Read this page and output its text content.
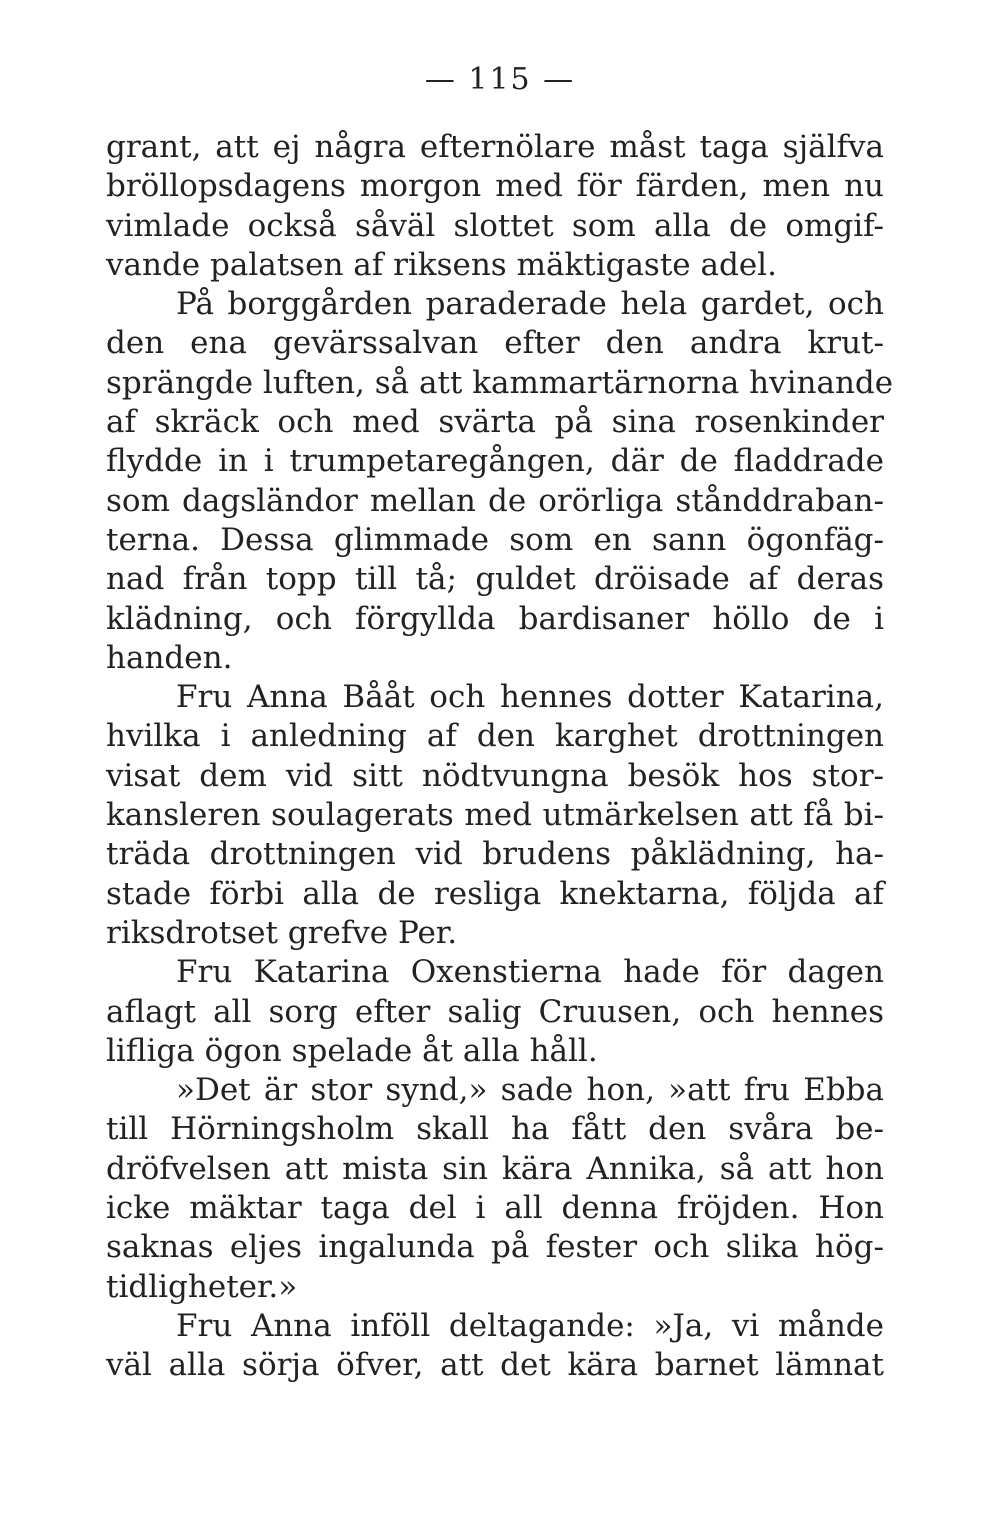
— 115 —
grant, att ej några efternölare måst taga själfva
bröllopsdagens morgon med för färden, men nu
vimlade också såväl slottet som alla de omgif-
vande palatsen af riksens mäktigaste adel.
På borggården paraderade hela gardet, och
den ena gevärssalvan efter den andra krut-
sprängde luften, så att kammartärnorna hvinande
af skräck och med svärta på sina rosenkinder
flydde in i trumpetaregången, där de fladdrade
som dagsländor mellan de orörliga stånddraban-
terna. Dessa glimmade som en sann ögonfäg-
nad från topp till tå; guldet dröisade af deras
klädning, och förgyllda bardisaner höllo de i
handen.
Fru Anna Bååt och hennes dotter Katarina,
hvilka i anledning af den karghet drottningen
visat dem vid sitt nödtvungna besök hos stor-
kansleren soulagerats med utmärkelsen att få bi-
träda drottningen vid brudens påklädning, ha-
stade förbi alla de resliga knektarna, följda af
riksdrotset grefve Per.
Fru Katarina Oxenstierna hade för dagen
aflagt all sorg efter salig Cruusen, och hennes
lifliga ögon spelade åt alla håll.
»Det är stor synd,» sade hon, »att fru Ebba
till Hörningsholm skall ha fått den svåra be-
dröfvelsen att mista sin kära Annika, så att hon
icke mäktar taga del i all denna fröjden. Hon
saknas eljes ingalunda på fester och slika hög-
tidligheter.»
Fru Anna inföll deltagande: »Ja, vi månde
väl alla sörja öfver, att det kära barnet lämnat
